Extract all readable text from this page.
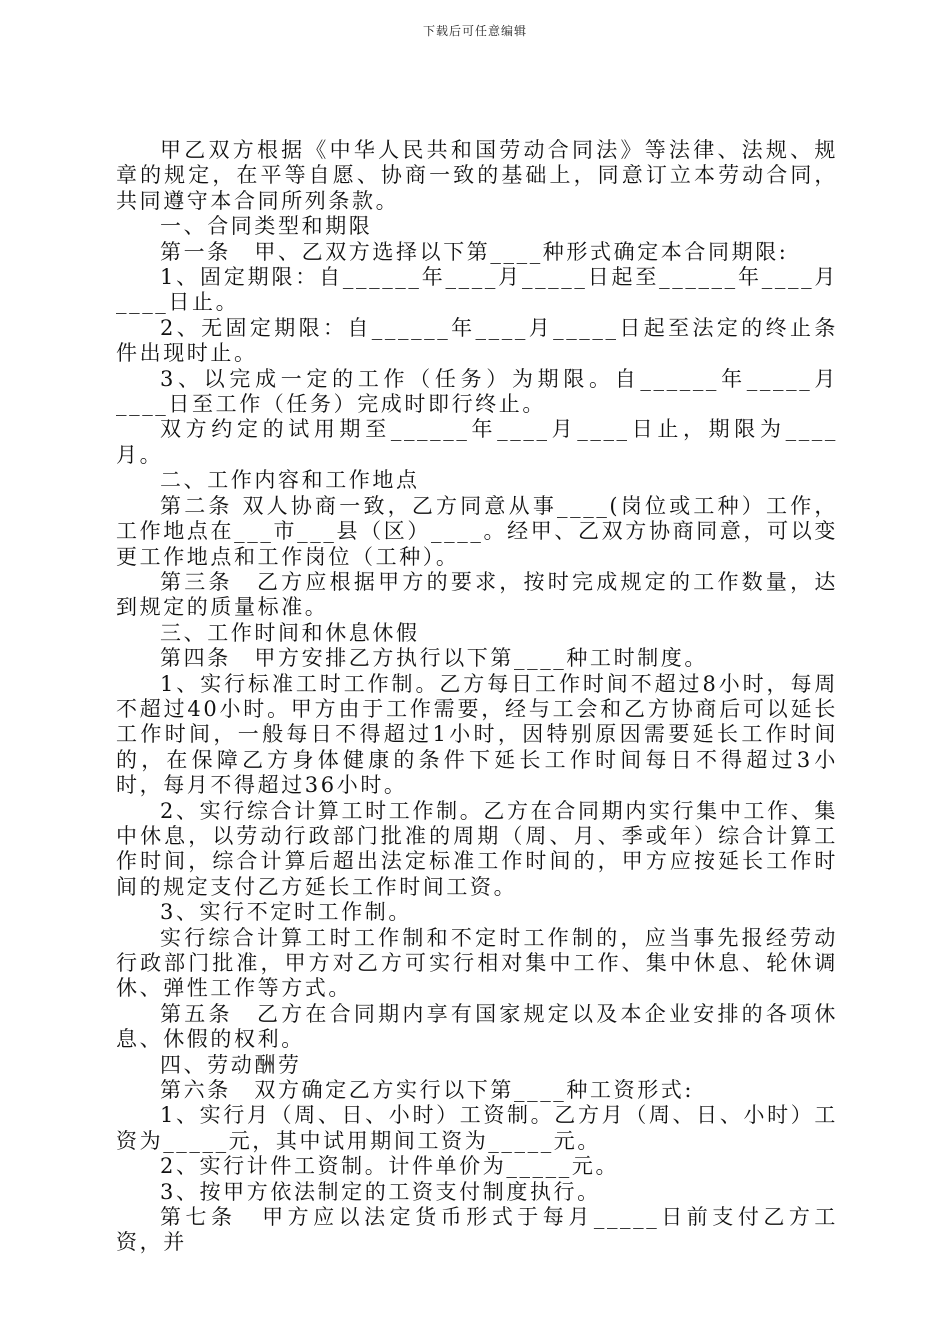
下载后可任意编辑

甲乙双方根据《中华人民共和国劳动合同法》等法律、法规、规章的规定，在平等自愿、协商一致的基础上，同意订立本劳动合同，共同遵守本合同所列条款。

一、合同类型和期限

第一条　甲、乙双方选择以下第____种形式确定本合同期限:

1、固定期限：自______年____月_____日起至______年____月____日止。

2、无固定期限：自______年____月_____日起至法定的终止条件出现时止。

3、以完成一定的工作（任务）为期限。自______年_____月____日至工作（任务）完成时即行终止。

双方约定的试用期至______年____月____日止，期限为____月。

二、工作内容和工作地点

第二条 双人协商一致，乙方同意从事____(岗位或工种）工作，工作地点在___市___县（区）____。经甲、乙双方协商同意，可以变更工作地点和工作岗位（工种）。

第三条　乙方应根据甲方的要求，按时完成规定的工作数量，达到规定的质量标准。

三、工作时间和休息休假

第四条　甲方安排乙方执行以下第____种工时制度。

1、实行标准工时工作制。乙方每日工作时间不超过8小时，每周不超过40小时。甲方由于工作需要，经与工会和乙方协商后可以延长工作时间，一般每日不得超过1小时，因特别原因需要延长工作时间的，在保障乙方身体健康的条件下延长工作时间每日不得超过3小时，每月不得超过36小时。

2、实行综合计算工时工作制。乙方在合同期内实行集中工作、集中休息，以劳动行政部门批准的周期（周、月、季或年）综合计算工作时间，综合计算后超出法定标准工作时间的，甲方应按延长工作时间的规定支付乙方延长工作时间工资。

3、实行不定时工作制。

实行综合计算工时工作制和不定时工作制的，应当事先报经劳动行政部门批准，甲方对乙方可实行相对集中工作、集中休息、轮休调休、弹性工作等方式。

第五条　乙方在合同期内享有国家规定以及本企业安排的各项休息、休假的权利。

四、劳动酬劳

第六条　双方确定乙方实行以下第____种工资形式:

1、实行月（周、日、小时）工资制。乙方月（周、日、小时）工资为_____元，其中试用期间工资为_____元。

2、实行计件工资制。计件单价为_____元。

3、按甲方依法制定的工资支付制度执行。

第七条　甲方应以法定货币形式于每月_____日前支付乙方工资，并
